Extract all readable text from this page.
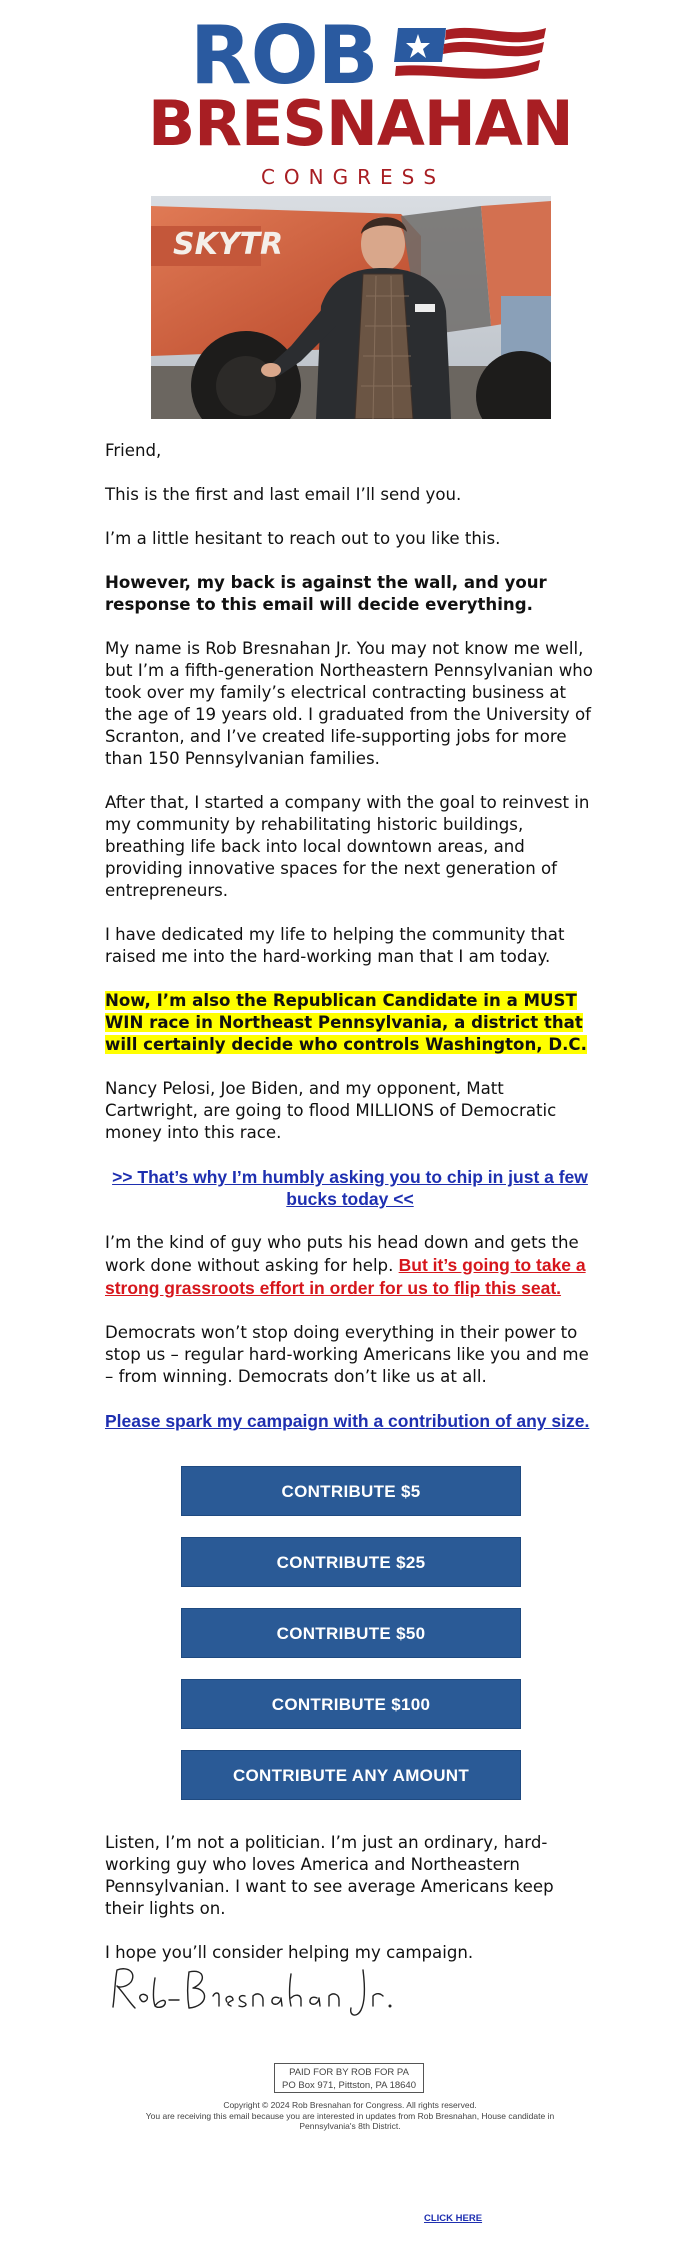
ROB
BRESNAHAN
CONGRESS
SKYTR

Friend,

This is the first and last email I’ll send you.

I’m a little hesitant to reach out to you like this.

However, my back is against the wall, and your response to this email will decide everything.

My name is Rob Bresnahan Jr. You may not know me well, but I’m a fifth-generation Northeastern Pennsylvanian who took over my family’s electrical contracting business at the age of 19 years old. I graduated from the University of Scranton, and I’ve created life-supporting jobs for more than 150 Pennsylvanian families.

After that, I started a company with the goal to reinvest in my community by rehabilitating historic buildings, breathing life back into local downtown areas, and providing innovative spaces for the next generation of entrepreneurs.

I have dedicated my life to helping the community that raised me into the hard-working man that I am today.

Now, I’m also the Republican Candidate in a MUST WIN race in Northeast Pennsylvania, a district that will certainly decide who controls Washington, D.C.

Nancy Pelosi, Joe Biden, and my opponent, Matt Cartwright, are going to flood MILLIONS of Democratic money into this race.

>> That’s why I’m humbly asking you to chip in just a few bucks today <<

I’m the kind of guy who puts his head down and gets the work done without asking for help. But it’s going to take a strong grassroots effort in order for us to flip this seat.

Democrats won’t stop doing everything in their power to stop us – regular hard-working Americans like you and me – from winning. Democrats don’t like us at all.

Please spark my campaign with a contribution of any size.

CONTRIBUTE $5
CONTRIBUTE $25
CONTRIBUTE $50
CONTRIBUTE $100
CONTRIBUTE ANY AMOUNT

Listen, I’m not a politician. I’m just an ordinary, hard-working guy who loves America and Northeastern Pennsylvanian. I want to see average Americans keep their lights on.

I hope you’ll consider helping my campaign.

PAID FOR BY ROB FOR PA
PO Box 971, Pittston, PA 18640
Copyright © 2024 Rob Bresnahan for Congress. All rights reserved.
You are receiving this email because you are interested in updates from Rob Bresnahan, House candidate in Pennsylvania's 8th District.
CLICK HERE
